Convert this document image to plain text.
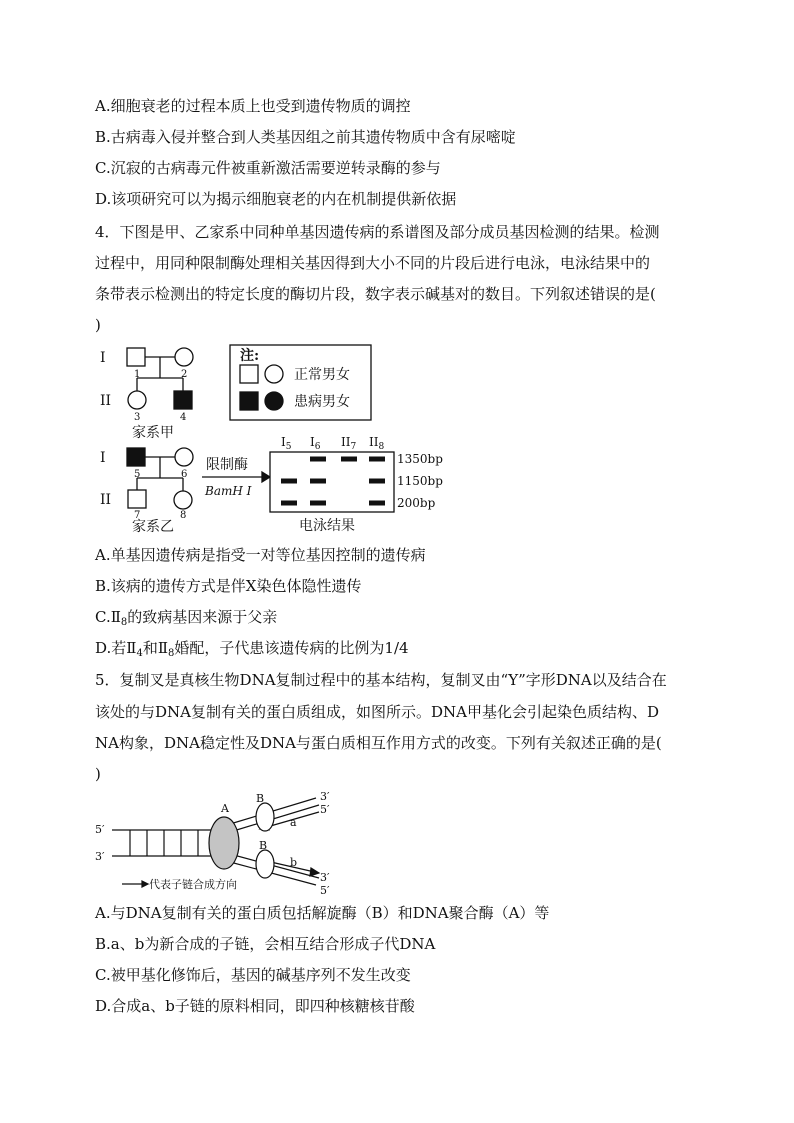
A.细胞衰老的过程本质上也受到遗传物质的调控
B.古病毒入侵并整合到人类基因组之前其遗传物质中含有尿嘧啶
C.沉寂的古病毒元件被重新激活需要逆转录酶的参与
D.该项研究可以为揭示细胞衰老的内在机制提供新依据
4．下图是甲、乙家系中同种单基因遗传病的系谱图及部分成员基因检测的结果。检测
过程中，用同种限制酶处理相关基因得到大小不同的片段后进行电泳，电泳结果中的
条带表示检测出的特定长度的酶切片段，数字表示碱基对的数目。下列叙述错误的是(
)
I
II
I
II
1	2
3	4
5	6
7	8
家系甲
家系乙
注:
正常男女
患病男女
限制酶
BamH I
电泳结果
$I_5$ $I_6$ $II_7$ $II_8$
1350bp
1150bp
200bp
A.单基因遗传病是指受一对等位基因控制的遗传病
B.该病的遗传方式是伴X染色体隐性遗传
$C.Ⅱ_8$的致病基因来源于父亲
D.若$Ⅱ_4$和$Ⅱ_8$婚配，子代患该遗传病的比例为1/4
5．复制叉是真核生物DNA复制过程中的基本结构，复制叉由“Y”字形DNA以及结合在
该处的与DNA复制有关的蛋白质组成，如图所示。DNA甲基化会引起染色质结构、D
NA构象，DNA稳定性及DNA与蛋白质相互作用方式的改变。下列有关叙述正确的是(
)
5′
3′
3′
5′
3′
5′
A
B
B
a
b
代表子链合成方向
A.与DNA复制有关的蛋白质包括解旋酶（B）和DNA聚合酶（A）等
B.a、b为新合成的子链，会相互结合形成子代DNA
C.被甲基化修饰后，基因的碱基序列不发生改变
D.合成a、b子链的原料相同，即四种核糖核苷酸
